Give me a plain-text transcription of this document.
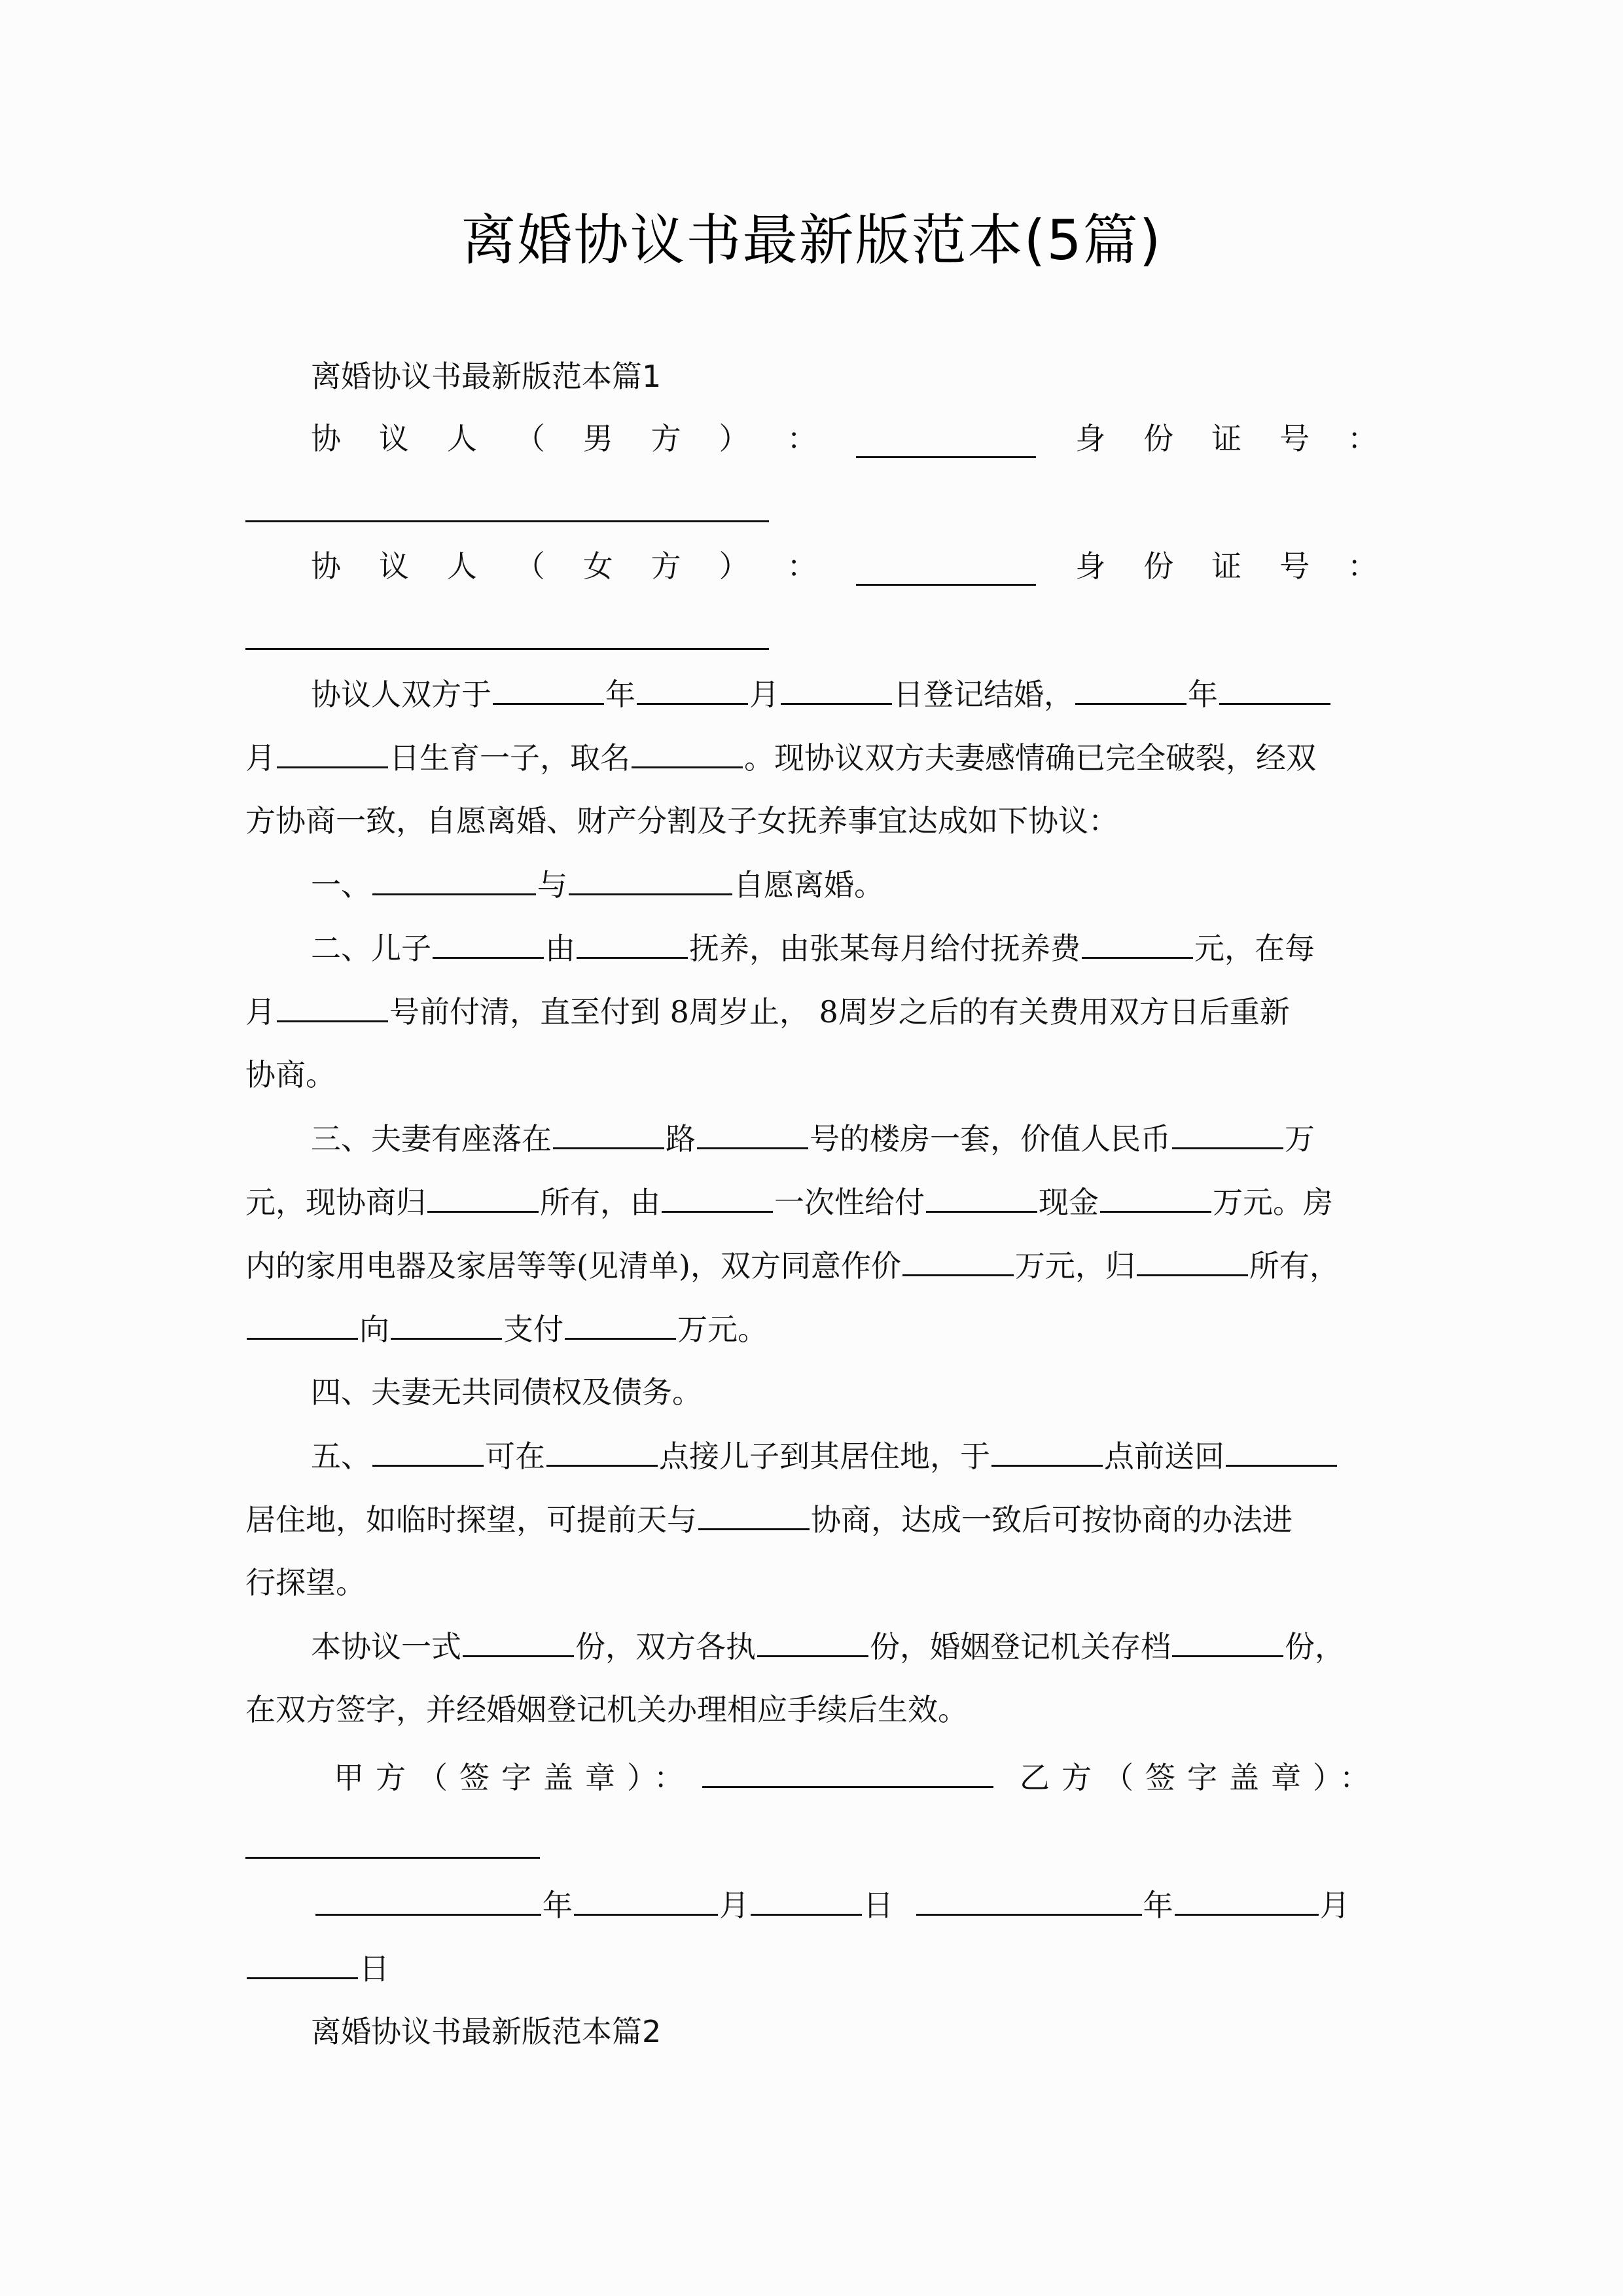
离婚协议书最新版范本(5篇)
离婚协议书最新版范本篇1
协 议 人 （ 男 方 ） ：	身 份 证 号 ：
协 议 人 （ 女 方 ） ：	身 份 证 号 ：
协议人双方于	年	月	日登记结婚，	年
月	日生育一子，取名	。现协议双方夫妻感情确已完全破裂，经双
方协商一致，自愿离婚、财产分割及子女抚养事宜达成如下协议：
一、	与	自愿离婚。
二、儿子	由	抚养，由张某每月给付抚养费	元，在每
月	号前付清，直至付到 8周岁止， 8周岁之后的有关费用双方日后重新
协商。
三、夫妻有座落在	路	号的楼房一套，价值人民币	万
元，现协商归	所有，由	一次性给付	现金	万元。房
内的家用电器及家居等等(见清单)，双方同意作价	万元，归	所有，
向	支付	万元。
四、夫妻无共同债权及债务。
五、	可在	点接儿子到其居住地，于	点前送回
居住地，如临时探望，可提前天与	协商，达成一致后可按协商的办法进
行探望。
本协议一式	份，双方各执	份，婚姻登记机关存档	份，
在双方签字，并经婚姻登记机关办理相应手续后生效。
甲方（签字盖章）：	乙方（签字盖章）：
年	月	日	年	月
日
离婚协议书最新版范本篇2
